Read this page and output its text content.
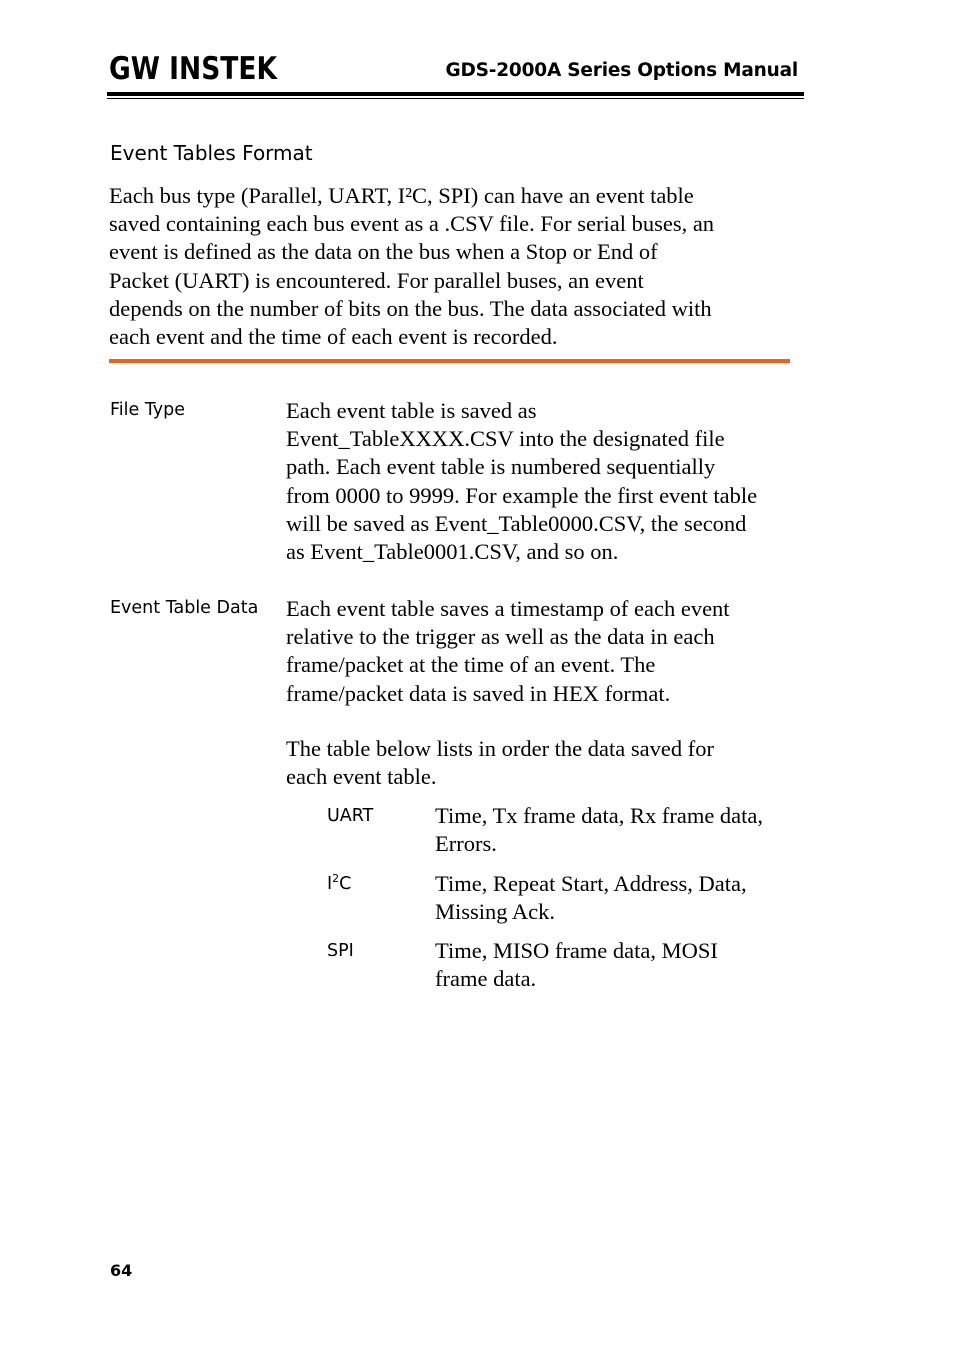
GW INSTEK	GDS-2000A Series Options Manual
Event Tables Format
Each bus type (Parallel, UART, I²C, SPI) can have an event table
saved containing each bus event as a .CSV file. For serial buses, an
event is defined as the data on the bus when a Stop or End of
Packet (UART) is encountered. For parallel buses, an event
depends on the number of bits on the bus. The data associated with
each event and the time of each event is recorded.
File Type	Each event table is saved as
Event_TableXXXX.CSV into the designated file
path. Each event table is numbered sequentially
from 0000 to 9999. For example the first event table
will be saved as Event_Table0000.CSV, the second
as Event_Table0001.CSV, and so on.
Event Table Data Each event table saves a timestamp of each event
relative to the trigger as well as the data in each
frame/packet at the time of an event. The
frame/packet data is saved in HEX format.
The table below lists in order the data saved for
each event table.
UART	Time, Tx frame data, Rx frame data,
Errors.
$I^2C$	Time, Repeat Start, Address, Data,
Missing Ack.
SPI	Time, MISO frame data, MOSI
frame data.
64
